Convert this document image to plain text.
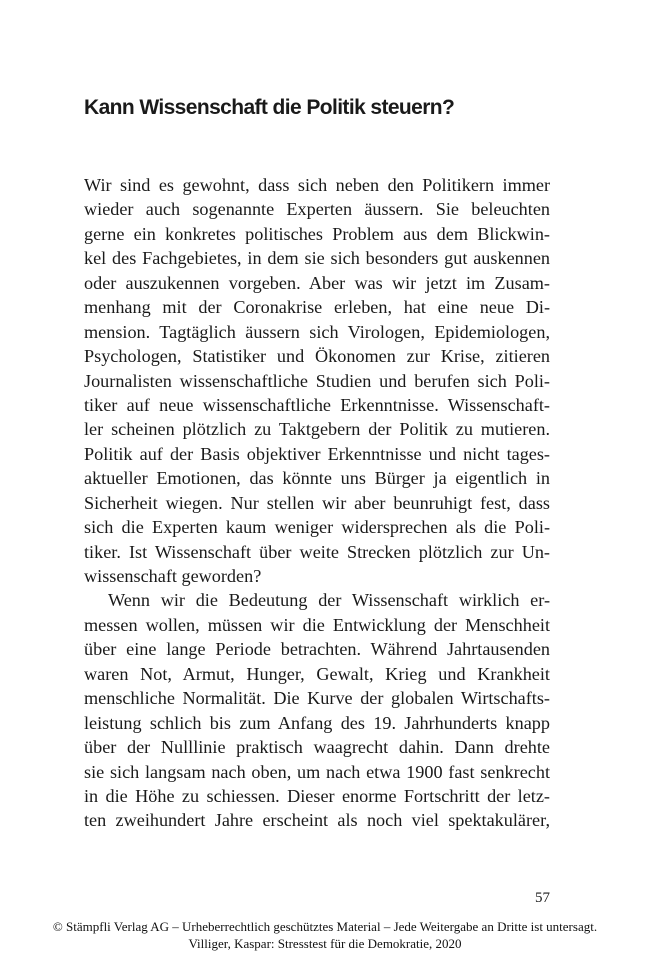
Kann Wissenschaft die Politik steuern?
Wir sind es gewohnt, dass sich neben den Politikern immer
wieder auch sogenannte Experten äussern. Sie beleuchten
gerne ein konkretes politisches Problem aus dem Blickwin-
kel des Fachgebietes, in dem sie sich besonders gut auskennen
oder auszukennen vorgeben. Aber was wir jetzt im Zusam-
menhang mit der Coronakrise erleben, hat eine neue Di-
mension. Tagtäglich äussern sich Virologen, Epidemiologen,
Psychologen, Statistiker und Ökonomen zur Krise, zitieren
Journalisten wissenschaftliche Studien und berufen sich Poli-
tiker auf neue wissenschaftliche Erkenntnisse. Wissenschaft-
ler scheinen plötzlich zu Taktgebern der Politik zu mutieren.
Politik auf der Basis objektiver Erkenntnisse und nicht tages-
aktueller Emotionen, das könnte uns Bürger ja eigentlich in
Sicherheit wiegen. Nur stellen wir aber beunruhigt fest, dass
sich die Experten kaum weniger widersprechen als die Poli-
tiker. Ist Wissenschaft über weite Strecken plötzlich zur Un-
wissenschaft geworden?
Wenn wir die Bedeutung der Wissenschaft wirklich er-
messen wollen, müssen wir die Entwicklung der Menschheit
über eine lange Periode betrachten. Während Jahrtausenden
waren Not, Armut, Hunger, Gewalt, Krieg und Krankheit
menschliche Normalität. Die Kurve der globalen Wirtschafts-
leistung schlich bis zum Anfang des 19. Jahrhunderts knapp
über der Nulllinie praktisch waagrecht dahin. Dann drehte
sie sich langsam nach oben, um nach etwa 1900 fast senkrecht
in die Höhe zu schiessen. Dieser enorme Fortschritt der letz-
ten zweihundert Jahre erscheint als noch viel spektakulärer,
57
© Stämpfli Verlag AG – Urheberrechtlich geschütztes Material – Jede Weitergabe an Dritte ist untersagt.
Villiger, Kaspar: Stresstest für die Demokratie, 2020
